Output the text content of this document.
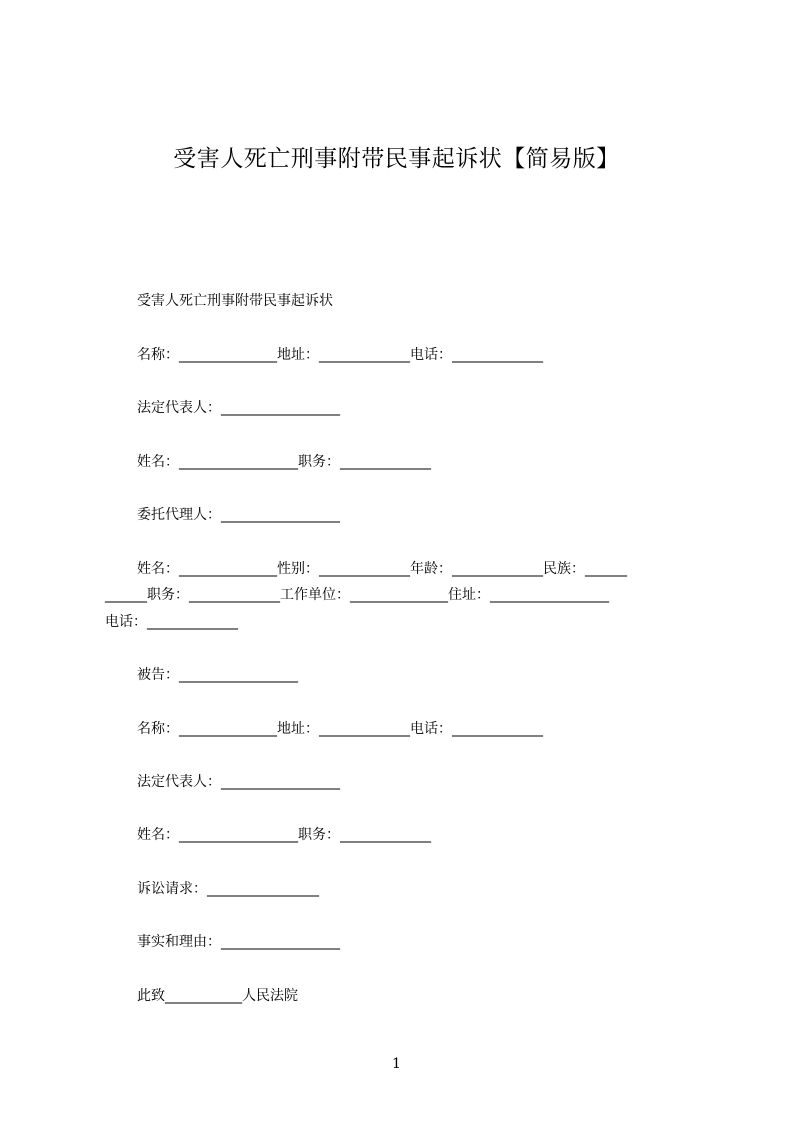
受害人死亡刑事附带民事起诉状【简易版】
受害人死亡刑事附带民事起诉状
名称：______________地址：_____________电话：_____________
法定代表人：_________________
姓名：_________________职务：_____________
委托代理人：_________________
姓名：______________性别：_____________年龄：_____________民族：______
______职务：_____________工作单位：______________住址：_________________
电话：_____________
被告：_________________
名称：______________地址：_____________电话：_____________
法定代表人：_________________
姓名：_________________职务：_____________
诉讼请求：________________
事实和理由：_________________
此致___________人民法院
1
